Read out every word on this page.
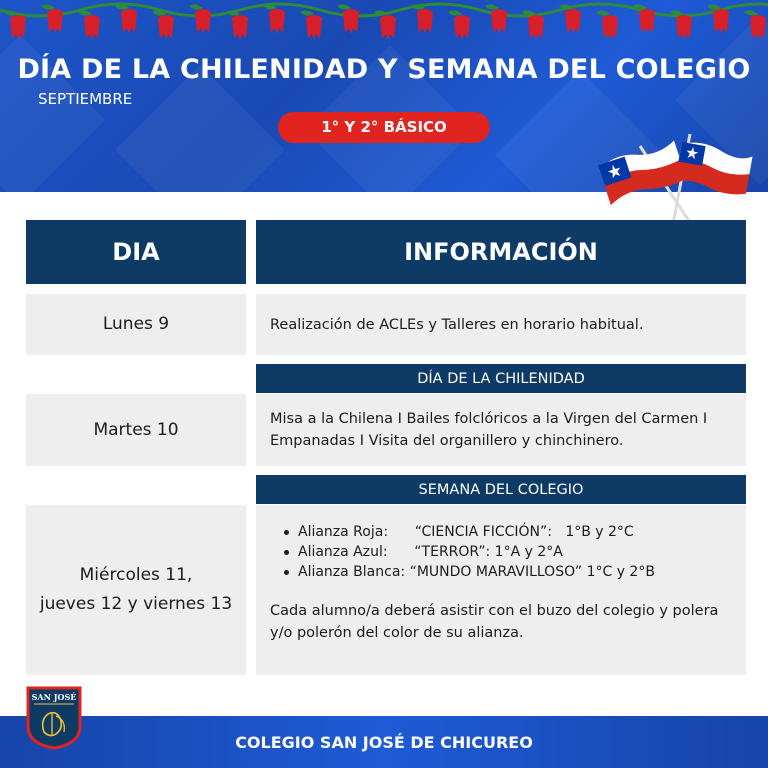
DÍA DE LA CHILENIDAD Y SEMANA DEL COLEGIO
SEPTIEMBRE
1° Y 2° BÁSICO
DIA	INFORMACIÓN
Lunes 9	Realización de ACLEs y Talleres en horario habitual.
DÍA DE LA CHILENIDAD
Martes 10
Misa a la Chilena I Bailes folclóricos a la Virgen del Carmen I Empanadas I Visita del organillero y chinchinero.
SEMANA DEL COLEGIO
Miércoles 11,
jueves 12 y viernes 13
Alianza Roja:      “CIENCIA FICCIÓN”:   1°B y 2°C
Alianza Azul:      “TERROR”: 1°A y 2°A
Alianza Blanca: “MUNDO MARAVILLOSO” 1°C y 2°B
Cada alumno/a deberá asistir con el buzo del colegio y polera y/o polerón del color de su alianza.
COLEGIO SAN JOSÉ DE CHICUREO
SAN JOSÉ
